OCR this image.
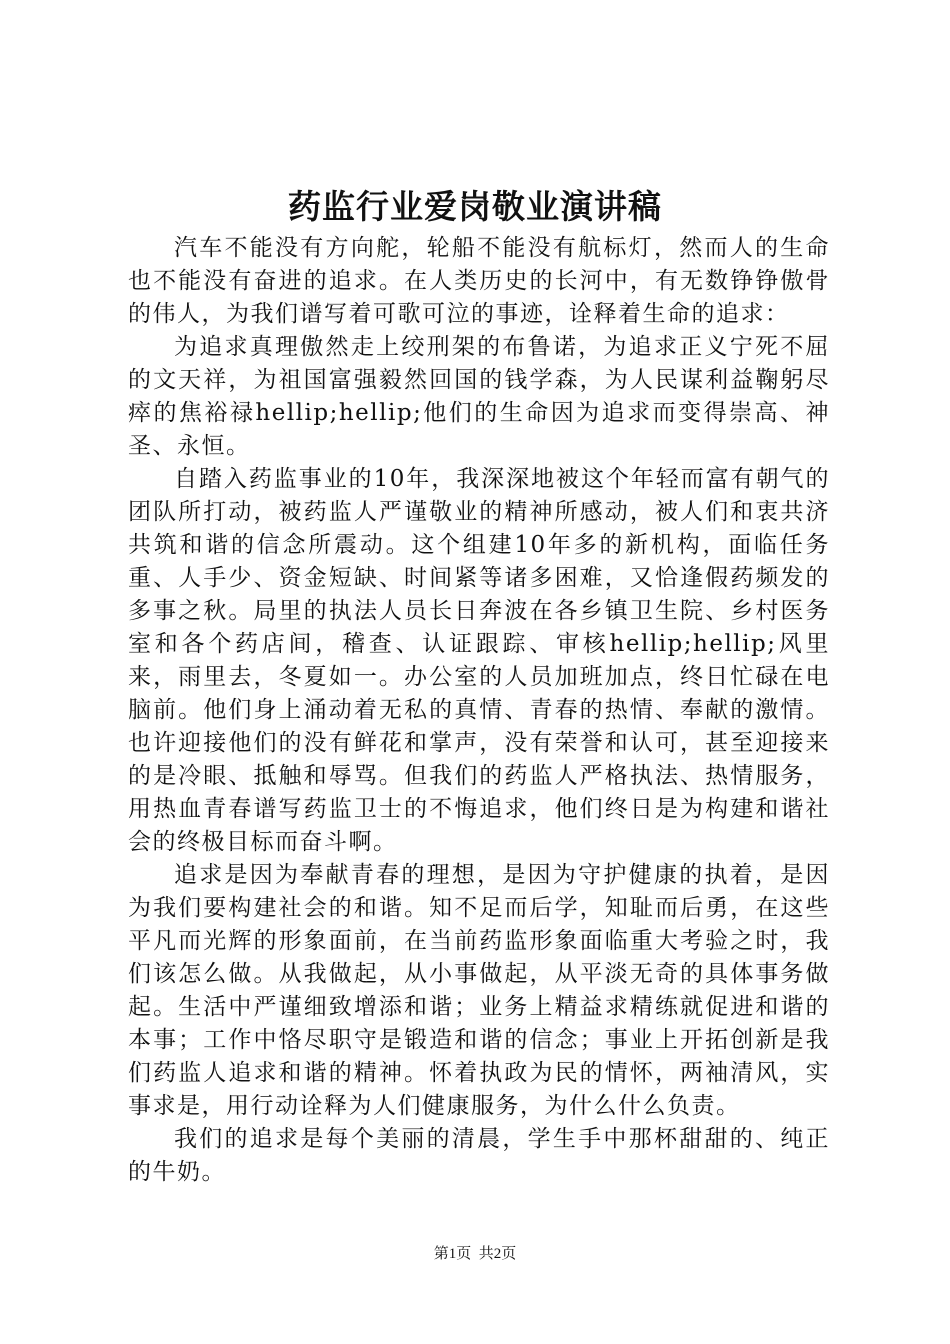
药监行业爱岗敬业演讲稿

汽车不能没有方向舵，轮船不能没有航标灯，然而人的生命也不能没有奋进的追求。在人类历史的长河中，有无数铮铮傲骨的伟人，为我们谱写着可歌可泣的事迹，诠释着生命的追求：

为追求真理傲然走上绞刑架的布鲁诺，为追求正义宁死不屈的文天祥，为祖国富强毅然回国的钱学森，为人民谋利益鞠躬尽瘁的焦裕禄hellip;hellip;他们的生命因为追求而变得崇高、神圣、永恒。

自踏入药监事业的10年，我深深地被这个年轻而富有朝气的团队所打动，被药监人严谨敬业的精神所感动，被人们和衷共济共筑和谐的信念所震动。这个组建10年多的新机构，面临任务重、人手少、资金短缺、时间紧等诸多困难，又恰逢假药频发的多事之秋。局里的执法人员长日奔波在各乡镇卫生院、乡村医务室和各个药店间，稽查、认证跟踪、审核hellip;hellip;风里来，雨里去，冬夏如一。办公室的人员加班加点，终日忙碌在电脑前。他们身上涌动着无私的真情、青春的热情、奉献的激情。也许迎接他们的没有鲜花和掌声，没有荣誉和认可，甚至迎接来的是冷眼、抵触和辱骂。但我们的药监人严格执法、热情服务，用热血青春谱写药监卫士的不悔追求，他们终日是为构建和谐社会的终极目标而奋斗啊。

追求是因为奉献青春的理想，是因为守护健康的执着，是因为我们要构建社会的和谐。知不足而后学，知耻而后勇，在这些平凡而光辉的形象面前，在当前药监形象面临重大考验之时，我们该怎么做。从我做起，从小事做起，从平淡无奇的具体事务做起。生活中严谨细致增添和谐；业务上精益求精练就促进和谐的本事；工作中恪尽职守是锻造和谐的信念；事业上开拓创新是我们药监人追求和谐的精神。怀着执政为民的情怀，两袖清风，实事求是，用行动诠释为人们健康服务，为什么什么负责。

我们的追求是每个美丽的清晨，学生手中那杯甜甜的、纯正的牛奶。

第1页 共2页
